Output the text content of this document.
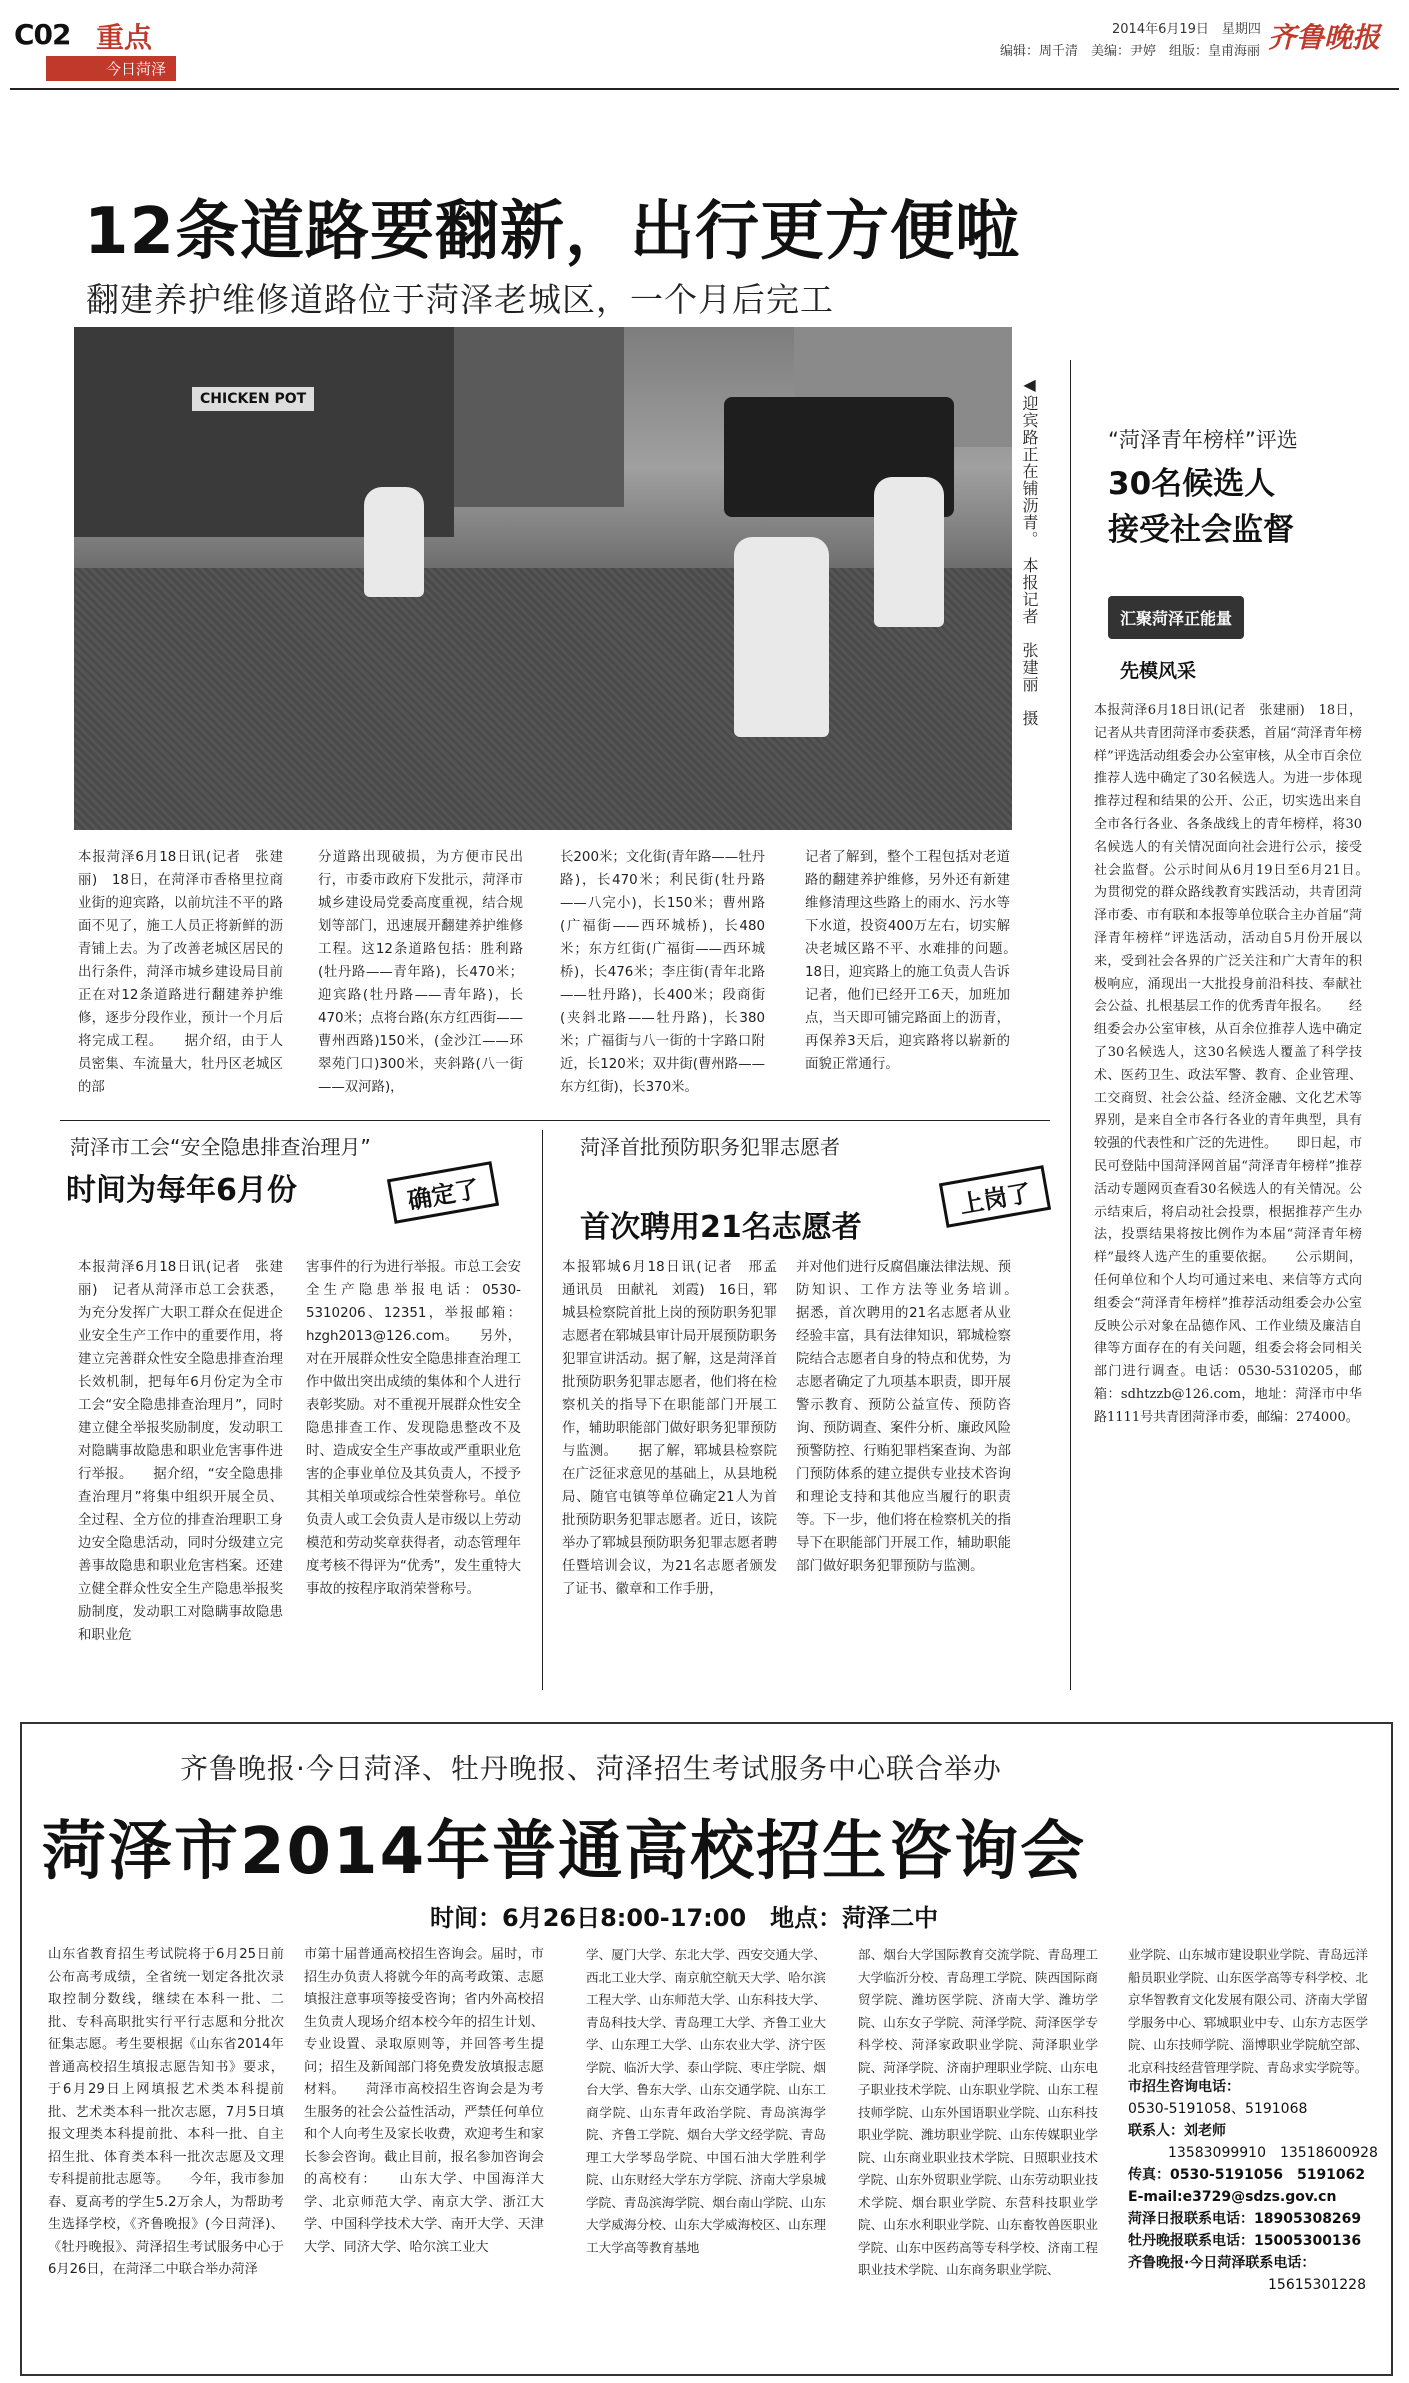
C02 重点
今日菏泽
2014年6月19日　星期四
编辑：周千清　美编：尹婷　组版：皇甫海丽 齐鲁晚报
12条道路要翻新，出行更方便啦
翻建养护维修道路位于菏泽老城区，一个月后完工
CHICKEN POT	◀迎宾路正在铺沥青。　本报记者　张建丽　摄
本报菏泽6月18日讯(记者　张建丽)　18日，在菏泽市香格里拉商业街的迎宾路，以前坑洼不平的路面不见了，施工人员正将新鲜的沥青铺上去。为了改善老城区居民的出行条件，菏泽市城乡建设局目前正在对12条道路进行翻建养护维修，逐步分段作业，预计一个月后将完成工程。　　据介绍，由于人员密集、车流量大，牡丹区老城区的部
分道路出现破损，为方便市民出行，市委市政府下发批示，菏泽市城乡建设局党委高度重视，结合规划等部门，迅速展开翻建养护维修工程。这12条道路包括：胜利路(牡丹路——青年路)，长470米；迎宾路(牡丹路——青年路)，长470米；点将台路(东方红西街——曹州西路)150米，(金沙江——环翠苑门口)300米，夹斜路(八一街——双河路)，
长200米；文化街(青年路——牡丹路)，长470米；利民街(牡丹路——八完小)，长150米；曹州路(广福街——西环城桥)，长480米；东方红街(广福街——西环城桥)，长476米；李庄街(青年北路——牡丹路)，长400米；段商街(夹斜北路——牡丹路)，长380米；广福街与八一街的十字路口附近，长120米；双井街(曹州路——东方红街)，长370米。
记者了解到，整个工程包括对老道路的翻建养护维修，另外还有新建维修清理这些路上的雨水、污水等下水道，投资400万左右，切实解决老城区路不平、水难排的问题。　　18日，迎宾路上的施工负责人告诉记者，他们已经开工6天，加班加点，当天即可铺完路面上的沥青，再保养3天后，迎宾路将以崭新的面貌正常通行。
菏泽市工会“安全隐患排查治理月”
时间为每年6月份	确定了
本报菏泽6月18日讯(记者　张建丽)　记者从菏泽市总工会获悉，为充分发挥广大职工群众在促进企业安全生产工作中的重要作用，将建立完善群众性安全隐患排查治理长效机制，把每年6月份定为全市工会“安全隐患排查治理月”，同时建立健全举报奖励制度，发动职工对隐瞒事故隐患和职业危害事件进行举报。　　据介绍，“安全隐患排查治理月”将集中组织开展全员、全过程、全方位的排查治理职工身边安全隐患活动，同时分级建立完善事故隐患和职业危害档案。还建立健全群众性安全生产隐患举报奖励制度，发动职工对隐瞒事故隐患和职业危
害事件的行为进行举报。市总工会安全生产隐患举报电话：0530-5310206、12351，举报邮箱：hzgh2013@126.com。　　另外，对在开展群众性安全隐患排查治理工作中做出突出成绩的集体和个人进行表彰奖励。对不重视开展群众性安全隐患排查工作、发现隐患整改不及时、造成安全生产事故或严重职业危害的企事业单位及其负责人，不授予其相关单项或综合性荣誉称号。单位负责人或工会负责人是市级以上劳动模范和劳动奖章获得者，动态管理年度考核不得评为“优秀”，发生重特大事故的按程序取消荣誉称号。
菏泽首批预防职务犯罪志愿者
首次聘用21名志愿者
上岗了
本报郓城6月18日讯(记者　邢孟　通讯员　田献礼　刘霞)　16日，郓城县检察院首批上岗的预防职务犯罪志愿者在郓城县审计局开展预防职务犯罪宣讲活动。据了解，这是菏泽首批预防职务犯罪志愿者，他们将在检察机关的指导下在职能部门开展工作，辅助职能部门做好职务犯罪预防与监测。　　据了解，郓城县检察院在广泛征求意见的基础上，从县地税局、随官屯镇等单位确定21人为首批预防职务犯罪志愿者。近日，该院举办了郓城县预防职务犯罪志愿者聘任暨培训会议，为21名志愿者颁发了证书、徽章和工作手册，
并对他们进行反腐倡廉法律法规、预防知识、工作方法等业务培训。　　据悉，首次聘用的21名志愿者从业经验丰富，具有法律知识，郓城检察院结合志愿者自身的特点和优势，为志愿者确定了九项基本职责，即开展警示教育、预防公益宣传、预防咨询、预防调查、案件分析、廉政风险预警防控、行贿犯罪档案查询、为部门预防体系的建立提供专业技术咨询和理论支持和其他应当履行的职责等。下一步，他们将在检察机关的指导下在职能部门开展工作，辅助职能部门做好职务犯罪预防与监测。
“菏泽青年榜样”评选
30名候选人
接受社会监督
汇聚菏泽正能量
先模风采
本报菏泽6月18日讯(记者　张建丽)　18日，记者从共青团菏泽市委获悉，首届“菏泽青年榜样”评选活动组委会办公室审核，从全市百余位推荐人选中确定了30名候选人。为进一步体现推荐过程和结果的公开、公正，切实选出来自全市各行各业、各条战线上的青年榜样，将30名候选人的有关情况面向社会进行公示，接受社会监督。公示时间从6月19日至6月21日。　　为贯彻党的群众路线教育实践活动，共青团菏泽市委、市有联和本报等单位联合主办首届“菏泽青年榜样”评选活动，活动自5月份开展以来，受到社会各界的广泛关注和广大青年的积极响应，涌现出一大批投身前沿科技、奉献社会公益、扎根基层工作的优秀青年报名。　　经组委会办公室审核，从百余位推荐人选中确定了30名候选人，这30名候选人覆盖了科学技术、医药卫生、政法军警、教育、企业管理、工交商贸、社会公益、经济金融、文化艺术等界别，是来自全市各行各业的青年典型，具有较强的代表性和广泛的先进性。　　即日起，市民可登陆中国菏泽网首届“菏泽青年榜样”推荐活动专题网页查看30名候选人的有关情况。公示结束后，将启动社会投票，根据推荐产生办法，投票结果将按比例作为本届“菏泽青年榜样”最终人选产生的重要依据。　　公示期间，任何单位和个人均可通过来电、来信等方式向组委会“菏泽青年榜样”推荐活动组委会办公室反映公示对象在品德作风、工作业绩及廉洁自律等方面存在的有关问题，组委会将会同相关部门进行调查。电话：0530-5310205，邮箱：sdhtzzb@126.com，地址：菏泽市中华路1111号共青团菏泽市委，邮编：274000。
齐鲁晚报·今日菏泽、牡丹晚报、菏泽招生考试服务中心联合举办
菏泽市2014年普通高校招生咨询会
时间：6月26日8:00-17:00　地点：菏泽二中
山东省教育招生考试院将于6月25日前公布高考成绩，全省统一划定各批次录取控制分数线，继续在本科一批、二批、专科高职批实行平行志愿和分批次征集志愿。考生要根据《山东省2014年普通高校招生填报志愿告知书》要求，于6月29日上网填报艺术类本科提前批、艺术类本科一批次志愿，7月5日填报文理类本科提前批、本科一批、自主招生批、体育类本科一批次志愿及文理专科提前批志愿等。　　今年，我市参加春、夏高考的学生5.2万余人，为帮助考生选择学校，《齐鲁晚报》(今日菏泽)、《牡丹晚报》、菏泽招生考试服务中心于6月26日，在菏泽二中联合举办菏泽
市第十届普通高校招生咨询会。届时，市招生办负责人将就今年的高考政策、志愿填报注意事项等接受咨询；省内外高校招生负责人现场介绍本校今年的招生计划、专业设置、录取原则等，并回答考生提问；招生及新闻部门将免费发放填报志愿材料。　　菏泽市高校招生咨询会是为考生服务的社会公益性活动，严禁任何单位和个人向考生及家长收费，欢迎考生和家长参会咨询。截止目前，报名参加咨询会的高校有：　　山东大学、中国海洋大学、北京师范大学、南京大学、浙江大学、中国科学技术大学、南开大学、天津大学、同济大学、哈尔滨工业大
学、厦门大学、东北大学、西安交通大学、西北工业大学、南京航空航天大学、哈尔滨工程大学、山东师范大学、山东科技大学、青岛科技大学、青岛理工大学、齐鲁工业大学、山东理工大学、山东农业大学、济宁医学院、临沂大学、泰山学院、枣庄学院、烟台大学、鲁东大学、山东交通学院、山东工商学院、山东青年政治学院、青岛滨海学院、齐鲁工学院、烟台大学文经学院、青岛理工大学琴岛学院、中国石油大学胜利学院、山东财经大学东方学院、济南大学泉城学院、青岛滨海学院、烟台南山学院、山东大学威海分校、山东大学威海校区、山东理工大学高等教育基地
部、烟台大学国际教育交流学院、青岛理工大学临沂分校、青岛理工学院、陕西国际商贸学院、潍坊医学院、济南大学、潍坊学院、山东女子学院、菏泽学院、菏泽医学专科学校、菏泽家政职业学院、菏泽职业学院、菏泽学院、济南护理职业学院、山东电子职业技术学院、山东职业学院、山东工程技师学院、山东外国语职业学院、山东科技职业学院、潍坊职业学院、山东传媒职业学院、山东商业职业技术学院、日照职业技术学院、山东外贸职业学院、山东劳动职业技术学院、烟台职业学院、东营科技职业学院、山东水利职业学院、山东畜牧兽医职业学院、山东中医药高等专科学校、济南工程职业技术学院、山东商务职业学院、
业学院、山东城市建设职业学院、青岛远洋船员职业学院、山东医学高等专科学校、北京华智教育文化发展有限公司、济南大学留学服务中心、郓城职业中专、山东方志医学院、山东技师学院、淄博职业学院航空部、北京科技经营管理学院、青岛求实学院等。
市招生咨询电话：
0530-5191058、5191068
联系人：刘老师
13583099910　13518600928
传真：0530-5191056　5191062
E-mail:e3729@sdzs.gov.cn
菏泽日报联系电话：18905308269
牡丹晚报联系电话：15005300136
齐鲁晚报·今日菏泽联系电话：
15615301228
